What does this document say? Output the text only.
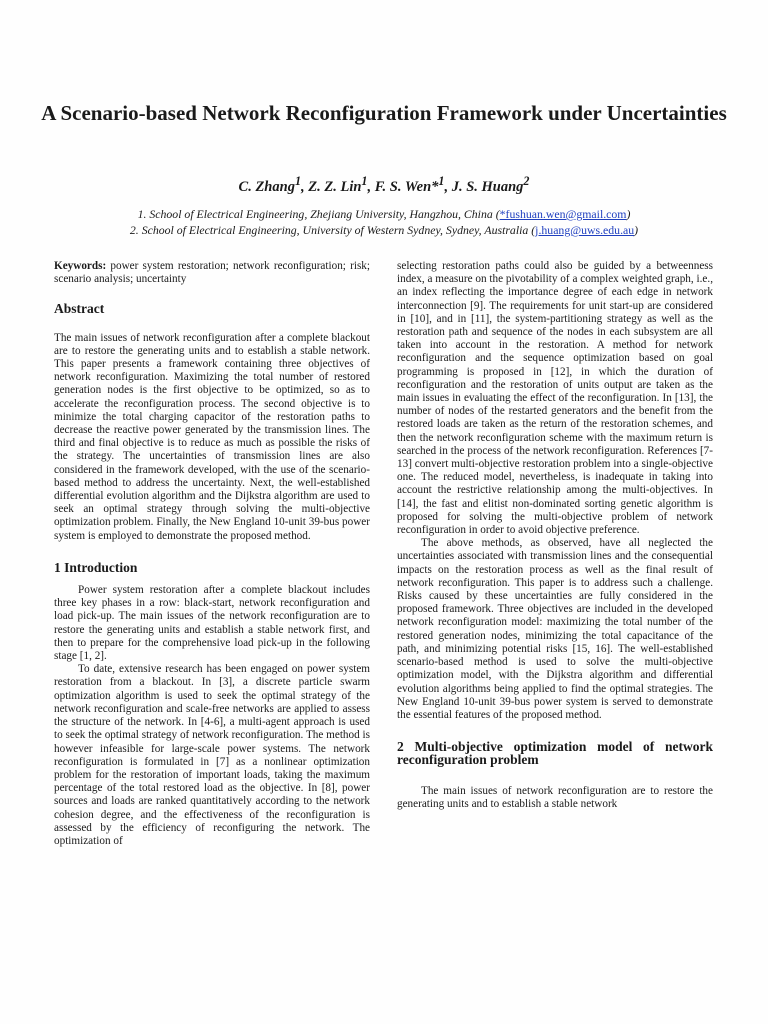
A Scenario-based Network Reconfiguration Framework under Uncertainties
C. Zhang$^1$, Z. Z. Lin$^1$, F. S. Wen*$^1$, J. S. Huang$^2$
1. School of Electrical Engineering, Zhejiang University, Hangzhou, China (*fushuan.wen@gmail.com)
2. School of Electrical Engineering, University of Western Sydney, Sydney, Australia (j.huang@uws.edu.au)

Keywords: power system restoration; network reconfiguration; risk; scenario analysis; uncertainty

Abstract

The main issues of network reconfiguration after a complete blackout are to restore the generating units and to establish a stable network. This paper presents a framework containing three objectives of network reconfiguration. Maximizing the total number of restored generation nodes is the first objective to be optimized, so as to accelerate the reconfiguration process. The second objective is to minimize the total charging capacitor of the restoration paths to decrease the reactive power generated by the transmission lines. The third and final objective is to reduce as much as possible the risks of the strategy. The uncertainties of transmission lines are also considered in the framework developed, with the use of the scenario-based method to address the uncertainty. Next, the well-established differential evolution algorithm and the Dijkstra algorithm are used to seek an optimal strategy through solving the multi-objective optimization problem. Finally, the New England 10-unit 39-bus power system is employed to demonstrate the proposed method.

1 Introduction

Power system restoration after a complete blackout includes three key phases in a row: black-start, network reconfiguration and load pick-up. The main issues of the network reconfiguration are to restore the generating units and establish a stable network first, and then to prepare for the comprehensive load pick-up in the following stage [1, 2].

To date, extensive research has been engaged on power system restoration from a blackout. In [3], a discrete particle swarm optimization algorithm is used to seek the optimal strategy of the network reconfiguration and scale-free networks are applied to assess the structure of the network. In [4-6], a multi-agent approach is used to seek the optimal strategy of network reconfiguration. The method is however infeasible for large-scale power systems. The network reconfiguration is formulated in [7] as a nonlinear optimization problem for the restoration of important loads, taking the maximum percentage of the total restored load as the objective. In [8], power sources and loads are ranked quantitatively according to the network cohesion degree, and the effectiveness of the reconfiguration is assessed by the efficiency of reconfiguring the network. The optimization of

selecting restoration paths could also be guided by a betweenness index, a measure on the pivotability of a complex weighted graph, i.e., an index reflecting the importance degree of each edge in network interconnection [9]. The requirements for unit start-up are considered in [10], and in [11], the system-partitioning strategy as well as the restoration path and sequence of the nodes in each subsystem are all taken into account in the restoration. A method for network reconfiguration and the sequence optimization based on goal programming is proposed in [12], in which the duration of reconfiguration and the restoration of units output are taken as the main issues in evaluating the effect of the reconfiguration. In [13], the number of nodes of the restarted generators and the benefit from the restored loads are taken as the return of the restoration schemes, and then the network reconfiguration scheme with the maximum return is searched in the process of the network reconfiguration. References [7-13] convert multi-objective restoration problem into a single-objective one. The reduced model, nevertheless, is inadequate in taking into account the restrictive relationship among the multi-objectives. In [14], the fast and elitist non-dominated sorting genetic algorithm is proposed for solving the multi-objective problem of network reconfiguration in order to avoid objective preference.

The above methods, as observed, have all neglected the uncertainties associated with transmission lines and the consequential impacts on the restoration process as well as the final result of network reconfiguration. This paper is to address such a challenge. Risks caused by these uncertainties are fully considered in the proposed framework. Three objectives are included in the developed network reconfiguration model: maximizing the total number of the restored generation nodes, minimizing the total capacitance of the path, and minimizing potential risks [15, 16]. The well-established scenario-based method is used to solve the multi-objective optimization model, with the Dijkstra algorithm and differential evolution algorithms being applied to find the optimal strategies. The New England 10-unit 39-bus power system is served to demonstrate the essential features of the proposed method.

2 Multi-objective optimization model of network reconfiguration problem

The main issues of network reconfiguration are to restore the generating units and to establish a stable network
